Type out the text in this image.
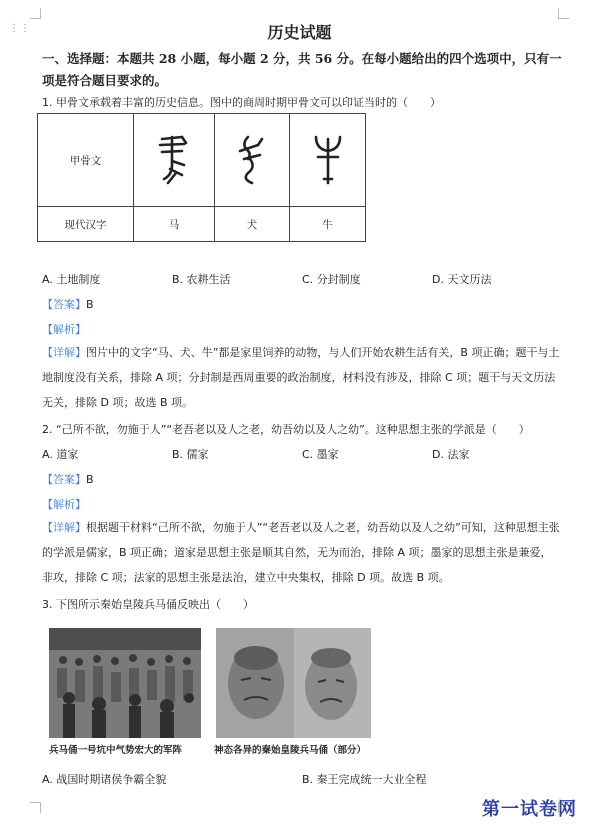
⋮⋮	历史试题
一、选择题：本题共 28 小题，每小题 2 分，共 56 分。在每小题给出的四个选项中，只有一
项是符合题目要求的。
1. 甲骨文承载着丰富的历史信息。图中的商周时期甲骨文可以印证当时的（　　）
甲骨文			
现代汉字	马	犬	牛
A. 土地制度	B. 农耕生活	C. 分封制度	D. 天文历法
【答案】B
【解析】
【详解】图片中的文字“马、犬、牛”都是家里饲养的动物，与人们开始农耕生活有关，B 项正确；题干与土
地制度没有关系，排除 A 项；分封制是西周重要的政治制度，材料没有涉及，排除 C 项；题干与天文历法
无关，排除 D 项；故选 B 项。
2. “己所不欲，勿施于人”“老吾老以及人之老，幼吾幼以及人之幼”。这种思想主张的学派是（　　）
A. 道家	B. 儒家	C. 墨家	D. 法家
【答案】B
【解析】
【详解】根据题干材料“己所不欲，勿施于人”“老吾老以及人之老，幼吾幼以及人之幼”可知，这种思想主张
的学派是儒家，B 项正确；道家是思想主张是顺其自然，无为而治，排除 A 项；墨家的思想主张是兼爱，
非攻，排除 C 项；法家的思想主张是法治，建立中央集权，排除 D 项。故选 B 项。
3. 下图所示秦始皇陵兵马俑反映出（　　）
兵马俑一号坑中气势宏大的军阵	神态各异的秦始皇陵兵马俑（部分）
A. 战国时期诸侯争霸全貌	B. 秦王完成统一大业全程
第一试卷网
